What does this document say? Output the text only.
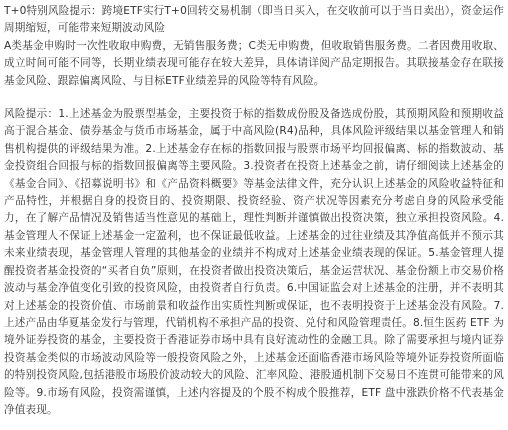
T+0特别风险提示：跨境ETF实行T+0回转交易机制（即当日买入，在交收前可以于当日卖出），资金运作周期缩短，可能带来短期波动风险
A类基金申购时一次性收取申购费，无销售服务费；C类无申购费，但收取销售服务费。二者因费用收取、成立时间可能不同等，长期业绩表现可能存在较大差异，具体请详阅产品定期报告。其联接基金存在联接基金风险、跟踪偏离风险、与目标ETF业绩差异的风险等特有风险。

风险提示：1.上述基金为股票型基金，主要投资于标的指数成份股及备选成份股，其预期风险和预期收益高于混合基金、债券基金与货币市场基金，属于中高风险(R4)品种，具体风险评级结果以基金管理人和销售机构提供的评级结果为准。2.上述基金存在标的指数回报与股票市场平均回报偏离、标的指数波动、基金投资组合回报与标的指数回报偏离等主要风险。3.投资者在投资上述基金之前，请仔细阅读上述基金的《基金合同》、《招募说明书》和《产品资料概要》等基金法律文件，充分认识上述基金的风险收益特征和产品特性，并根据自身的投资目的、投资期限、投资经验、资产状况等因素充分考虑自身的风险承受能力，在了解产品情况及销售适当性意见的基础上，理性判断并谨慎做出投资决策，独立承担投资风险。4.基金管理人不保证上述基金一定盈利，也不保证最低收益。上述基金的过往业绩及其净值高低并不预示其未来业绩表现，基金管理人管理的其他基金的业绩并不构成对上述基金业绩表现的保证。5.基金管理人提醒投资者基金投资的“买者自负”原则，在投资者做出投资决策后，基金运营状况、基金份额上市交易价格波动与基金净值变化引致的投资风险，由投资者自行负责。6.中国证监会对上述基金的注册，并不表明其对上述基金的投资价值、市场前景和收益作出实质性判断或保证，也不表明投资于上述基金没有风险。7.上述产品由华夏基金发行与管理，代销机构不承担产品的投资、兑付和风险管理责任。8.恒生医药 ETF 为境外证券投资的基金，主要投资于香港证券市场中具有良好流动性的金融工具。除了需要承担与境内证券投资基金类似的市场波动风险等一般投资风险之外，上述基金还面临香港市场风险等境外证券投资所面临的特别投资风险,包括港股市场股价波动较大的风险、汇率风险、港股通机制下交易日不连贯可能带来的风险等。9.市场有风险，投资需谨慎，上述内容提及的个股不构成个股推荐，ETF 盘中涨跌价格不代表基金净值表现。
